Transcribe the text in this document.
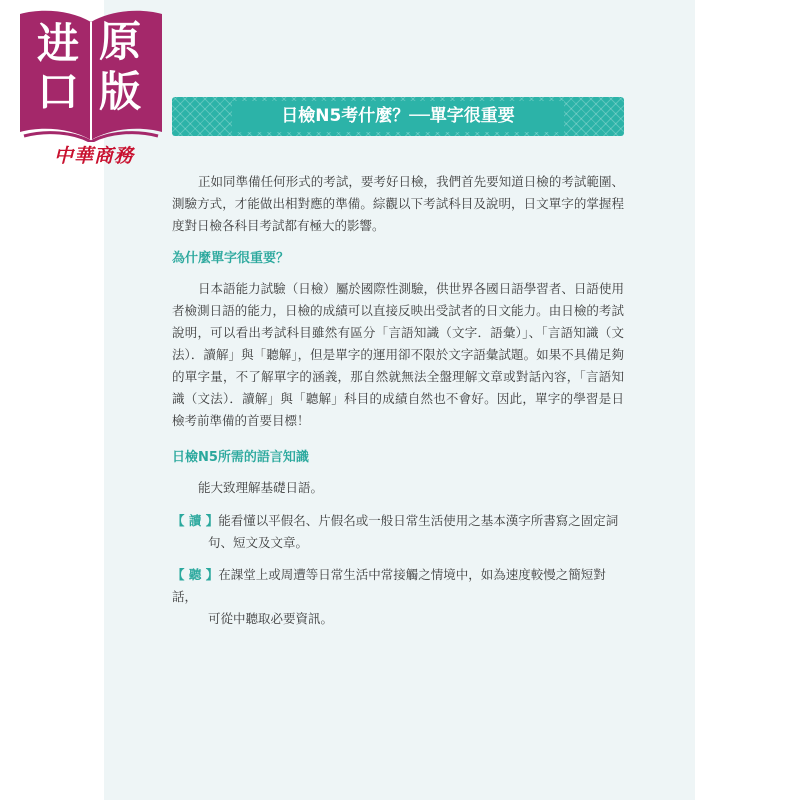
进 原
口 版
中華商務
日檢N5考什麼？──單字很重要

正如同準備任何形式的考試，要考好日檢，我們首先要知道日檢的考試範圍、測驗方式，才能做出相對應的準備。綜觀以下考試科目及說明，日文單字的掌握程度對日檢各科目考試都有極大的影響。

為什麼單字很重要？

日本語能力試驗（日檢）屬於國際性測驗，供世界各國日語學習者、日語使用者檢測日語的能力，日檢的成績可以直接反映出受試者的日文能力。由日檢的考試說明，可以看出考試科目雖然有區分「言語知識（文字．語彙）」、「言語知識（文法）．讀解」與「聽解」，但是單字的運用卻不限於文字語彙試題。如果不具備足夠的單字量，不了解單字的涵義，那自然就無法全盤理解文章或對話內容，「言語知識（文法）．讀解」與「聽解」科目的成績自然也不會好。因此，單字的學習是日檢考前準備的首要目標！

日檢N5所需的語言知識

能大致理解基礎日語。

【 讀 】能看懂以平假名、片假名或一般日常生活使用之基本漢字所書寫之固定詞
句、短文及文章。
【 聽 】在課堂上或周遭等日常生活中常接觸之情境中，如為速度較慢之簡短對話，
可從中聽取必要資訊。
